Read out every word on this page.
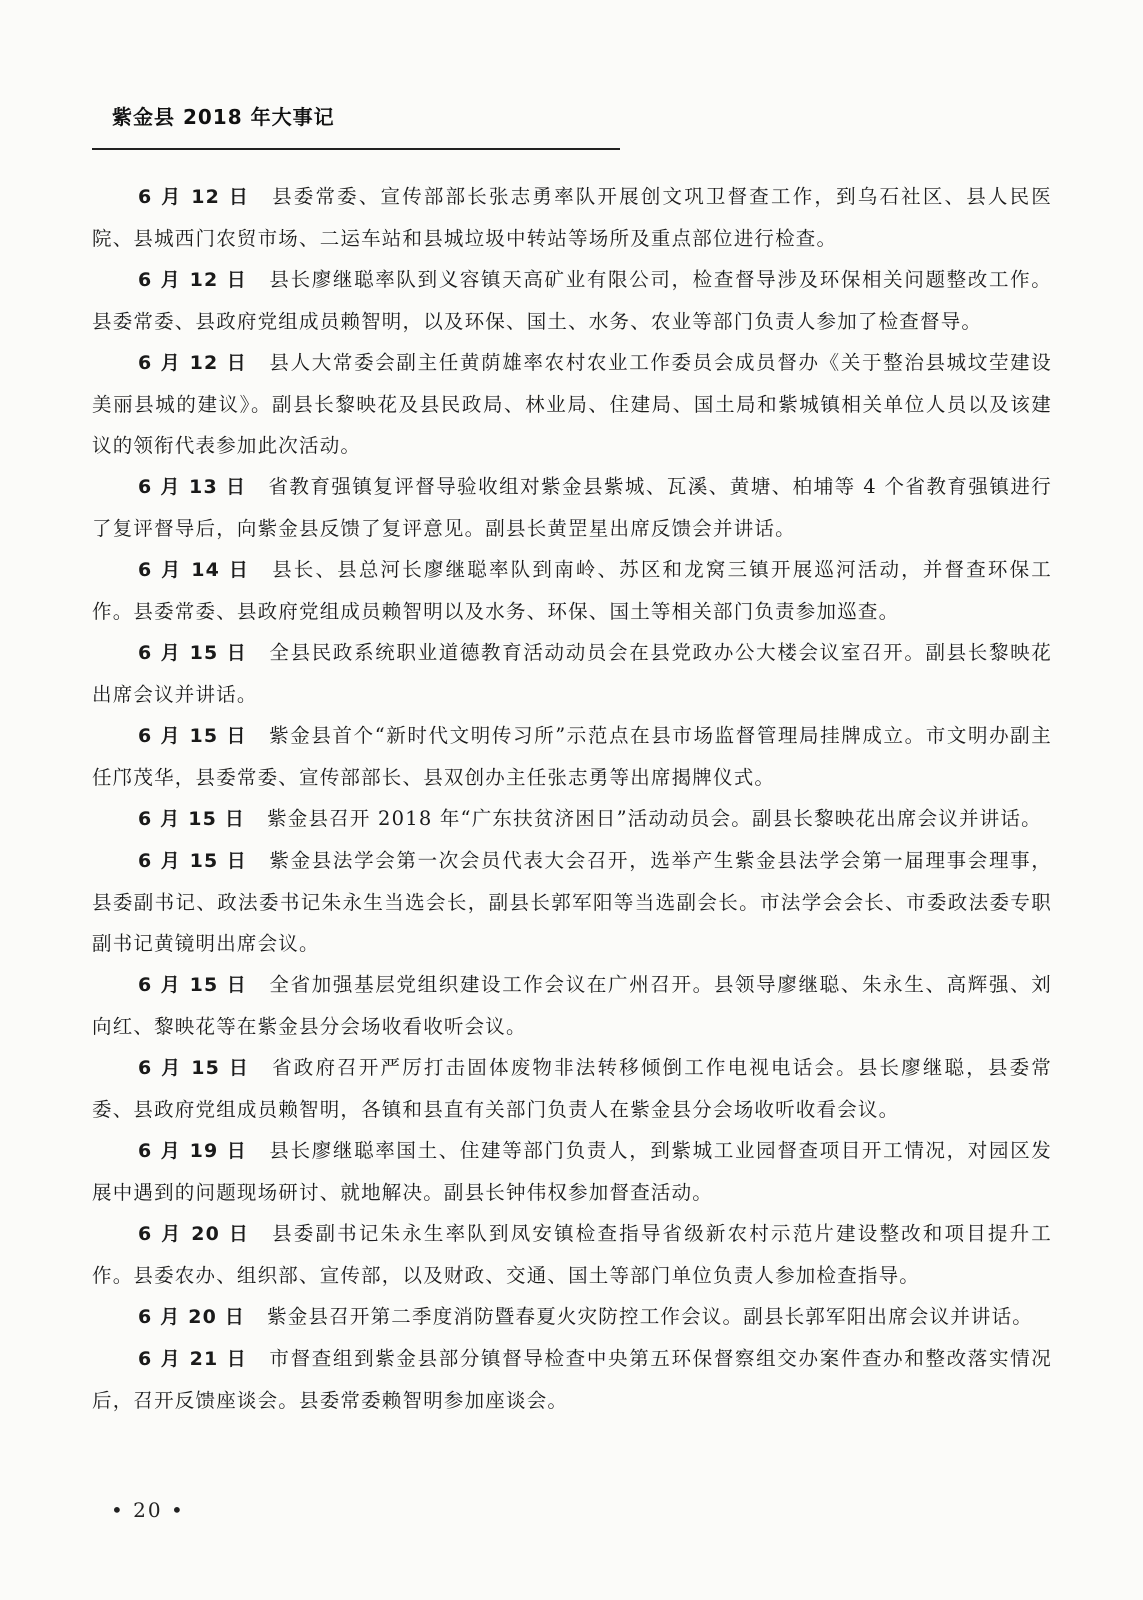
紫金县 2018 年大事记

6 月 12 日 县委常委、宣传部部长张志勇率队开展创文巩卫督查工作，到乌石社区、县人民医院、县城西门农贸市场、二运车站和县城垃圾中转站等场所及重点部位进行检查。

6 月 12 日 县长廖继聪率队到义容镇天高矿业有限公司，检查督导涉及环保相关问题整改工作。县委常委、县政府党组成员赖智明，以及环保、国土、水务、农业等部门负责人参加了检查督导。

6 月 12 日 县人大常委会副主任黄荫雄率农村农业工作委员会成员督办《关于整治县城坟茔建设美丽县城的建议》。副县长黎映花及县民政局、林业局、住建局、国土局和紫城镇相关单位人员以及该建议的领衔代表参加此次活动。

6 月 13 日 省教育强镇复评督导验收组对紫金县紫城、瓦溪、黄塘、柏埔等 4 个省教育强镇进行了复评督导后，向紫金县反馈了复评意见。副县长黄罡星出席反馈会并讲话。

6 月 14 日 县长、县总河长廖继聪率队到南岭、苏区和龙窝三镇开展巡河活动，并督查环保工作。县委常委、县政府党组成员赖智明以及水务、环保、国土等相关部门负责参加巡查。

6 月 15 日 全县民政系统职业道德教育活动动员会在县党政办公大楼会议室召开。副县长黎映花出席会议并讲话。

6 月 15 日 紫金县首个“新时代文明传习所”示范点在县市场监督管理局挂牌成立。市文明办副主任邝茂华，县委常委、宣传部部长、县双创办主任张志勇等出席揭牌仪式。

6 月 15 日 紫金县召开 2018 年“广东扶贫济困日”活动动员会。副县长黎映花出席会议并讲话。

6 月 15 日 紫金县法学会第一次会员代表大会召开，选举产生紫金县法学会第一届理事会理事，县委副书记、政法委书记朱永生当选会长，副县长郭军阳等当选副会长。市法学会会长、市委政法委专职副书记黄镜明出席会议。

6 月 15 日 全省加强基层党组织建设工作会议在广州召开。县领导廖继聪、朱永生、高辉强、刘向红、黎映花等在紫金县分会场收看收听会议。

6 月 15 日 省政府召开严厉打击固体废物非法转移倾倒工作电视电话会。县长廖继聪，县委常委、县政府党组成员赖智明，各镇和县直有关部门负责人在紫金县分会场收听收看会议。

6 月 19 日 县长廖继聪率国土、住建等部门负责人，到紫城工业园督查项目开工情况，对园区发展中遇到的问题现场研讨、就地解决。副县长钟伟权参加督查活动。

6 月 20 日 县委副书记朱永生率队到凤安镇检查指导省级新农村示范片建设整改和项目提升工作。县委农办、组织部、宣传部，以及财政、交通、国土等部门单位负责人参加检查指导。

6 月 20 日 紫金县召开第二季度消防暨春夏火灾防控工作会议。副县长郭军阳出席会议并讲话。

6 月 21 日 市督查组到紫金县部分镇督导检查中央第五环保督察组交办案件查办和整改落实情况后，召开反馈座谈会。县委常委赖智明参加座谈会。

• 20 •
